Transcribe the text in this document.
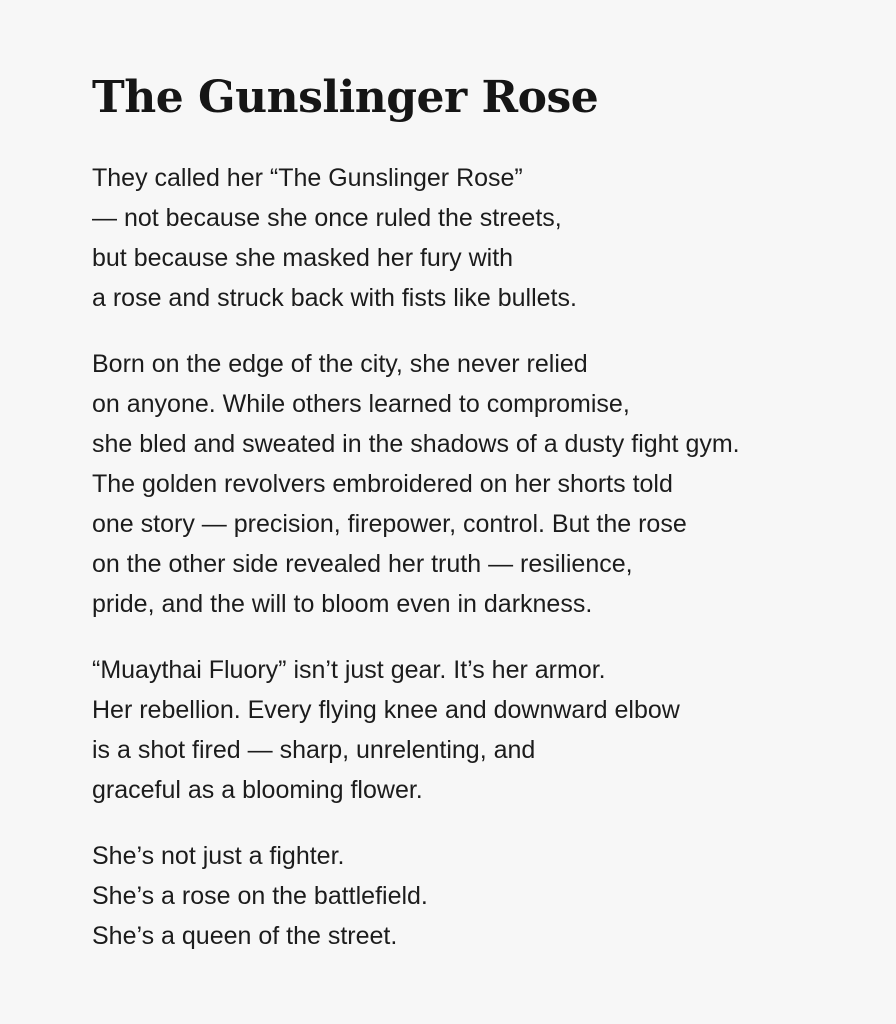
The Gunslinger Rose
They called her “The Gunslinger Rose”
— not because she once ruled the streets,
but because she masked her fury with
a rose and struck back with fists like bullets.
Born on the edge of the city, she never relied
on anyone. While others learned to compromise,
she bled and sweated in the shadows of a dusty fight gym.
The golden revolvers embroidered on her shorts told
one story — precision, firepower, control. But the rose
on the other side revealed her truth — resilience,
pride, and the will to bloom even in darkness.
“Muaythai Fluory” isn’t just gear. It’s her armor.
Her rebellion. Every flying knee and downward elbow
is a shot fired — sharp, unrelenting, and
graceful as a blooming flower.
She’s not just a fighter.
She’s a rose on the battlefield.
She’s a queen of the street.
